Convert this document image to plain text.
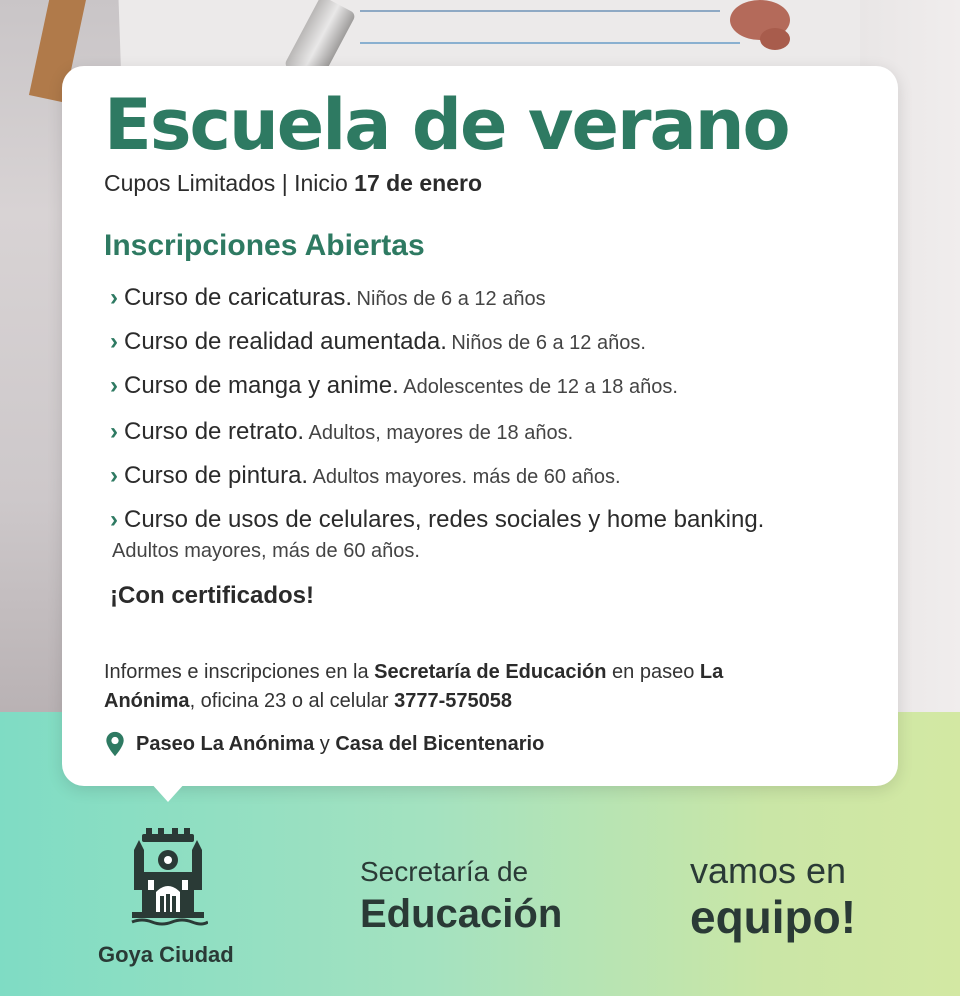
Escuela de verano
Cupos Limitados | Inicio 17 de enero
Inscripciones Abiertas
› Curso de caricaturas. Niños de 6 a 12 años
› Curso de realidad aumentada. Niños de 6 a 12 años.
› Curso de manga y anime. Adolescentes de 12 a 18 años.
› Curso de retrato. Adultos, mayores de 18 años.
› Curso de pintura. Adultos mayores. más de 60 años.
› Curso de usos de celulares, redes sociales y home banking.
Adultos mayores, más de 60 años.
¡Con certificados!
Informes e inscripciones en la Secretaría de Educación en paseo La Anónima, oficina 23 o al celular 3777-575058
Paseo La Anónima y Casa del Bicentenario
Goya Ciudad
Secretaría de
Educación
vamos en
equipo!
